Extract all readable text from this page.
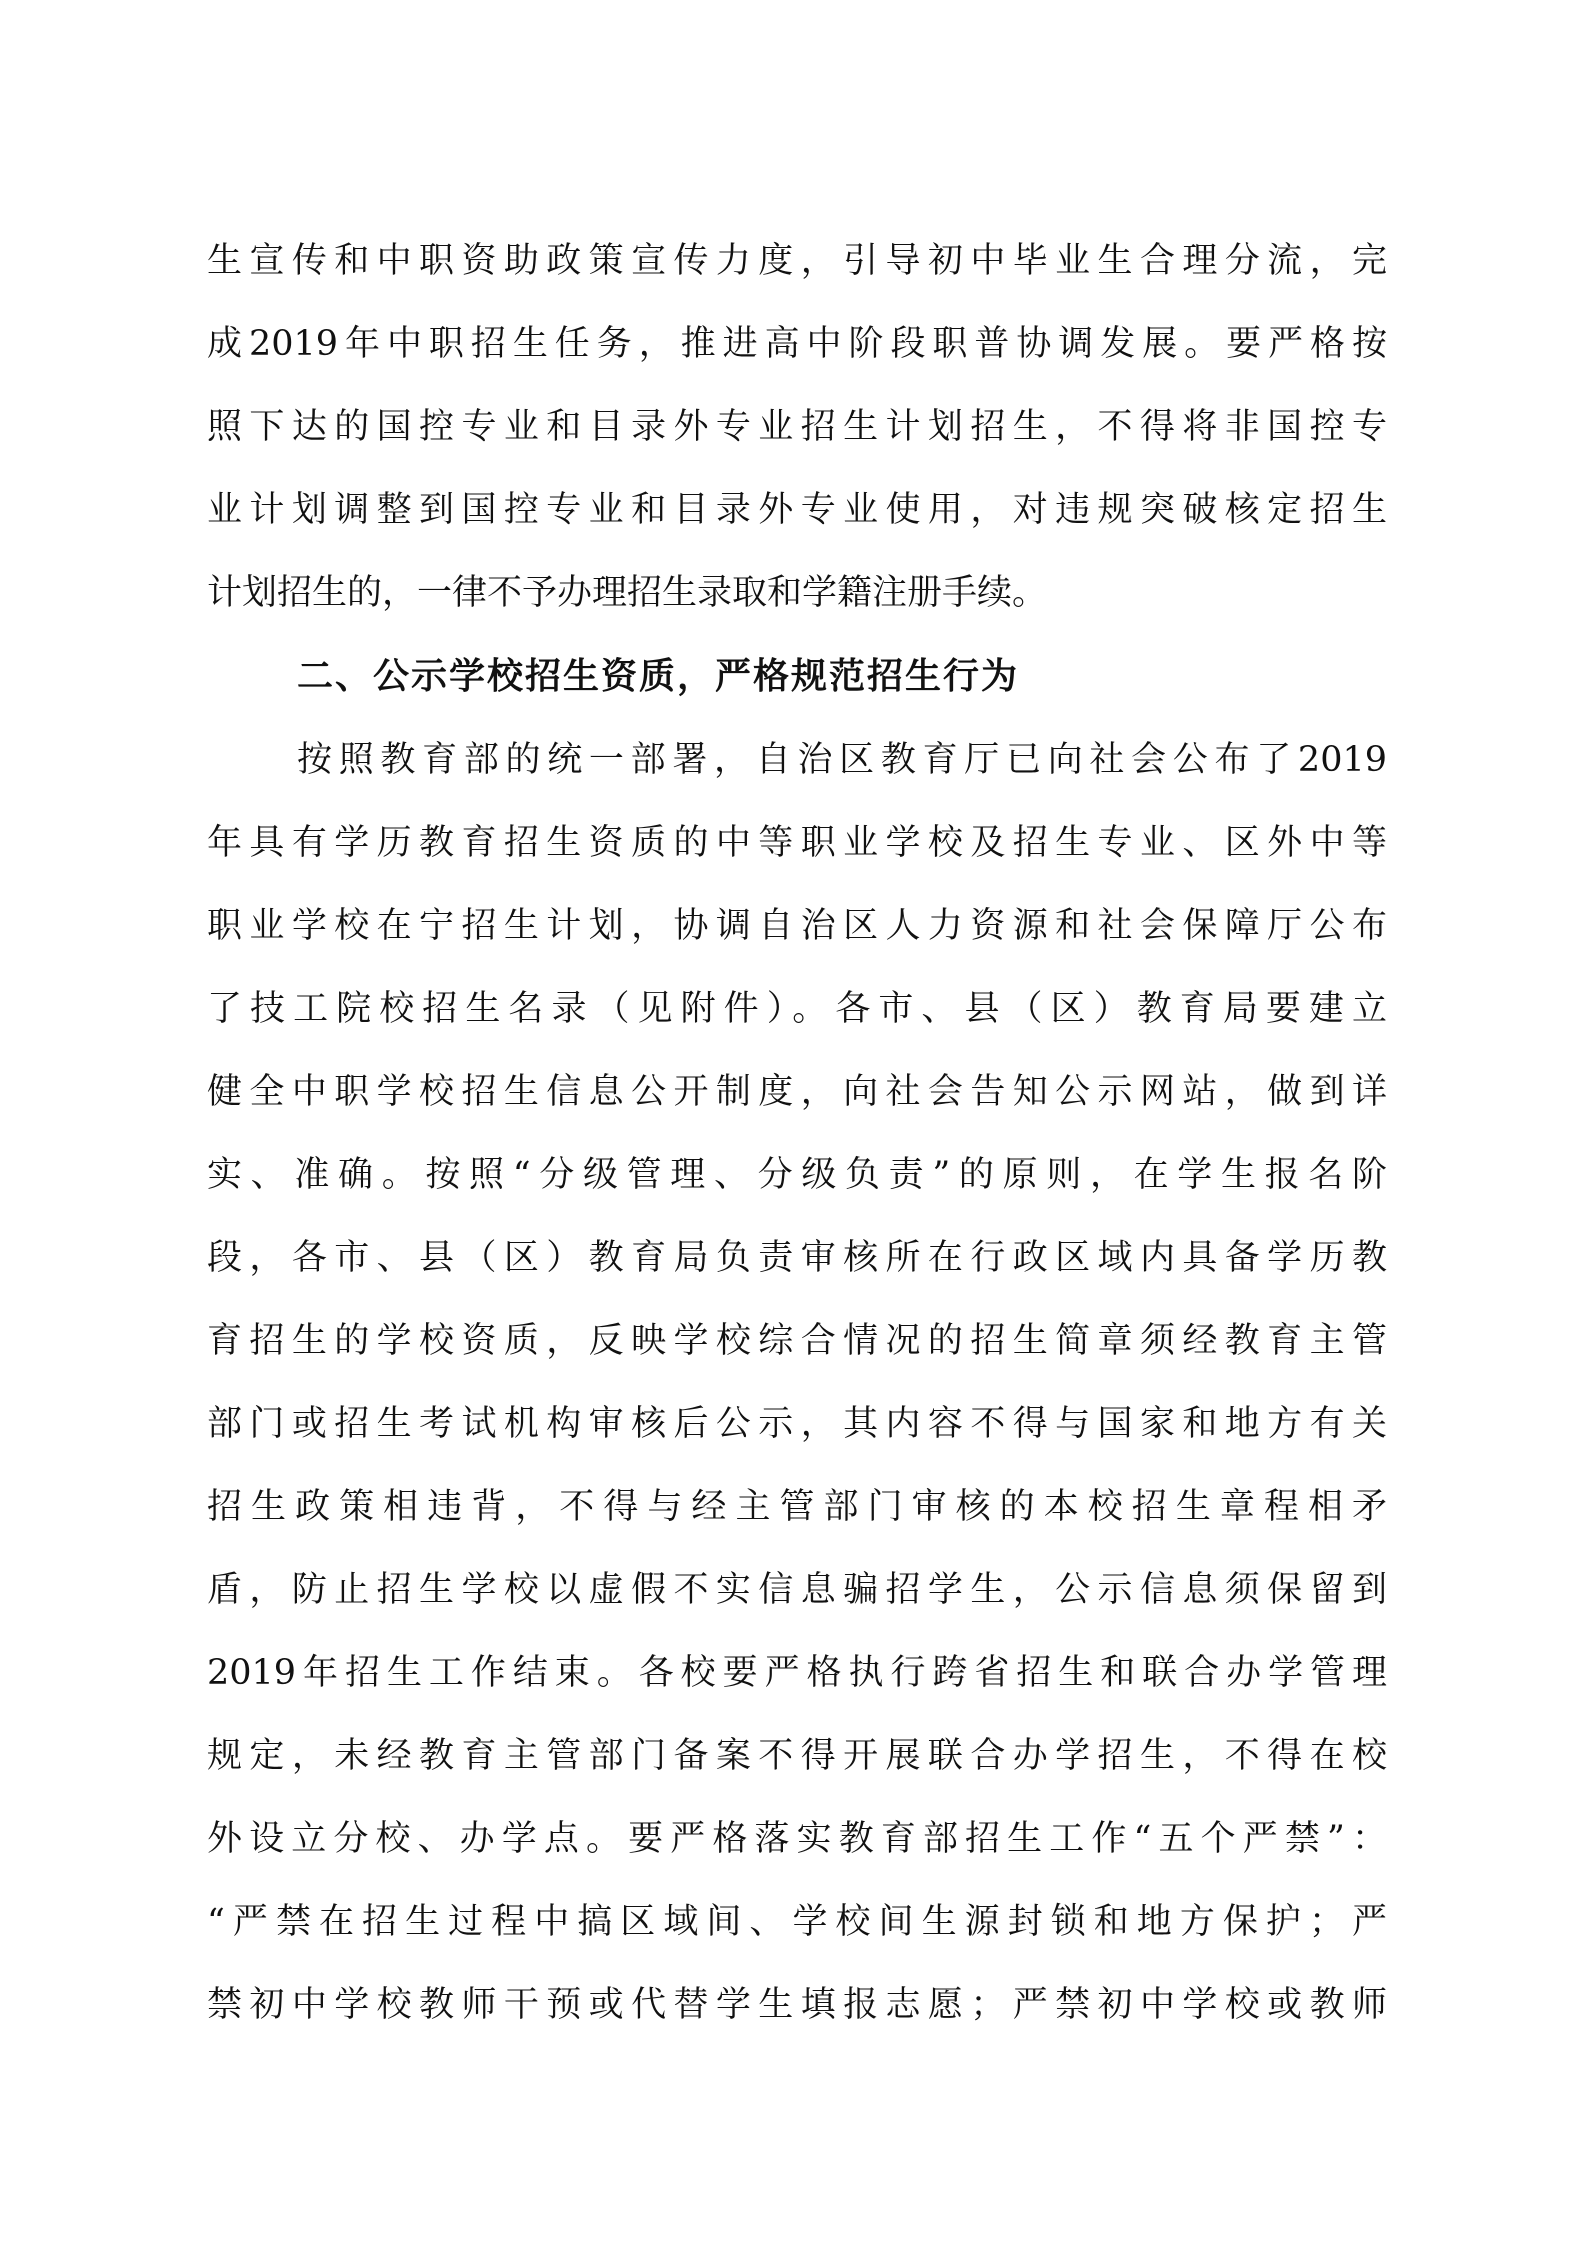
生宣传和中职资助政策宣传力度，引导初中毕业生合理分流，完
成2019年中职招生任务，推进高中阶段职普协调发展。要严格按
照下达的国控专业和目录外专业招生计划招生，不得将非国控专
业计划调整到国控专业和目录外专业使用，对违规突破核定招生
计划招生的，一律不予办理招生录取和学籍注册手续。
二、公示学校招生资质，严格规范招生行为
按照教育部的统一部署，自治区教育厅已向社会公布了2019
年具有学历教育招生资质的中等职业学校及招生专业、区外中等
职业学校在宁招生计划，协调自治区人力资源和社会保障厅公布
了技工院校招生名录（见附件）。各市、县（区）教育局要建立
健全中职学校招生信息公开制度，向社会告知公示网站，做到详
实、准确。按照“分级管理、分级负责”的原则，在学生报名阶
段，各市、县（区）教育局负责审核所在行政区域内具备学历教
育招生的学校资质，反映学校综合情况的招生简章须经教育主管
部门或招生考试机构审核后公示，其内容不得与国家和地方有关
招生政策相违背，不得与经主管部门审核的本校招生章程相矛
盾，防止招生学校以虚假不实信息骗招学生，公示信息须保留到
2019年招生工作结束。各校要严格执行跨省招生和联合办学管理
规定，未经教育主管部门备案不得开展联合办学招生，不得在校
外设立分校、办学点。要严格落实教育部招生工作“五个严禁”：
“严禁在招生过程中搞区域间、学校间生源封锁和地方保护；严
禁初中学校教师干预或代替学生填报志愿；严禁初中学校或教师
